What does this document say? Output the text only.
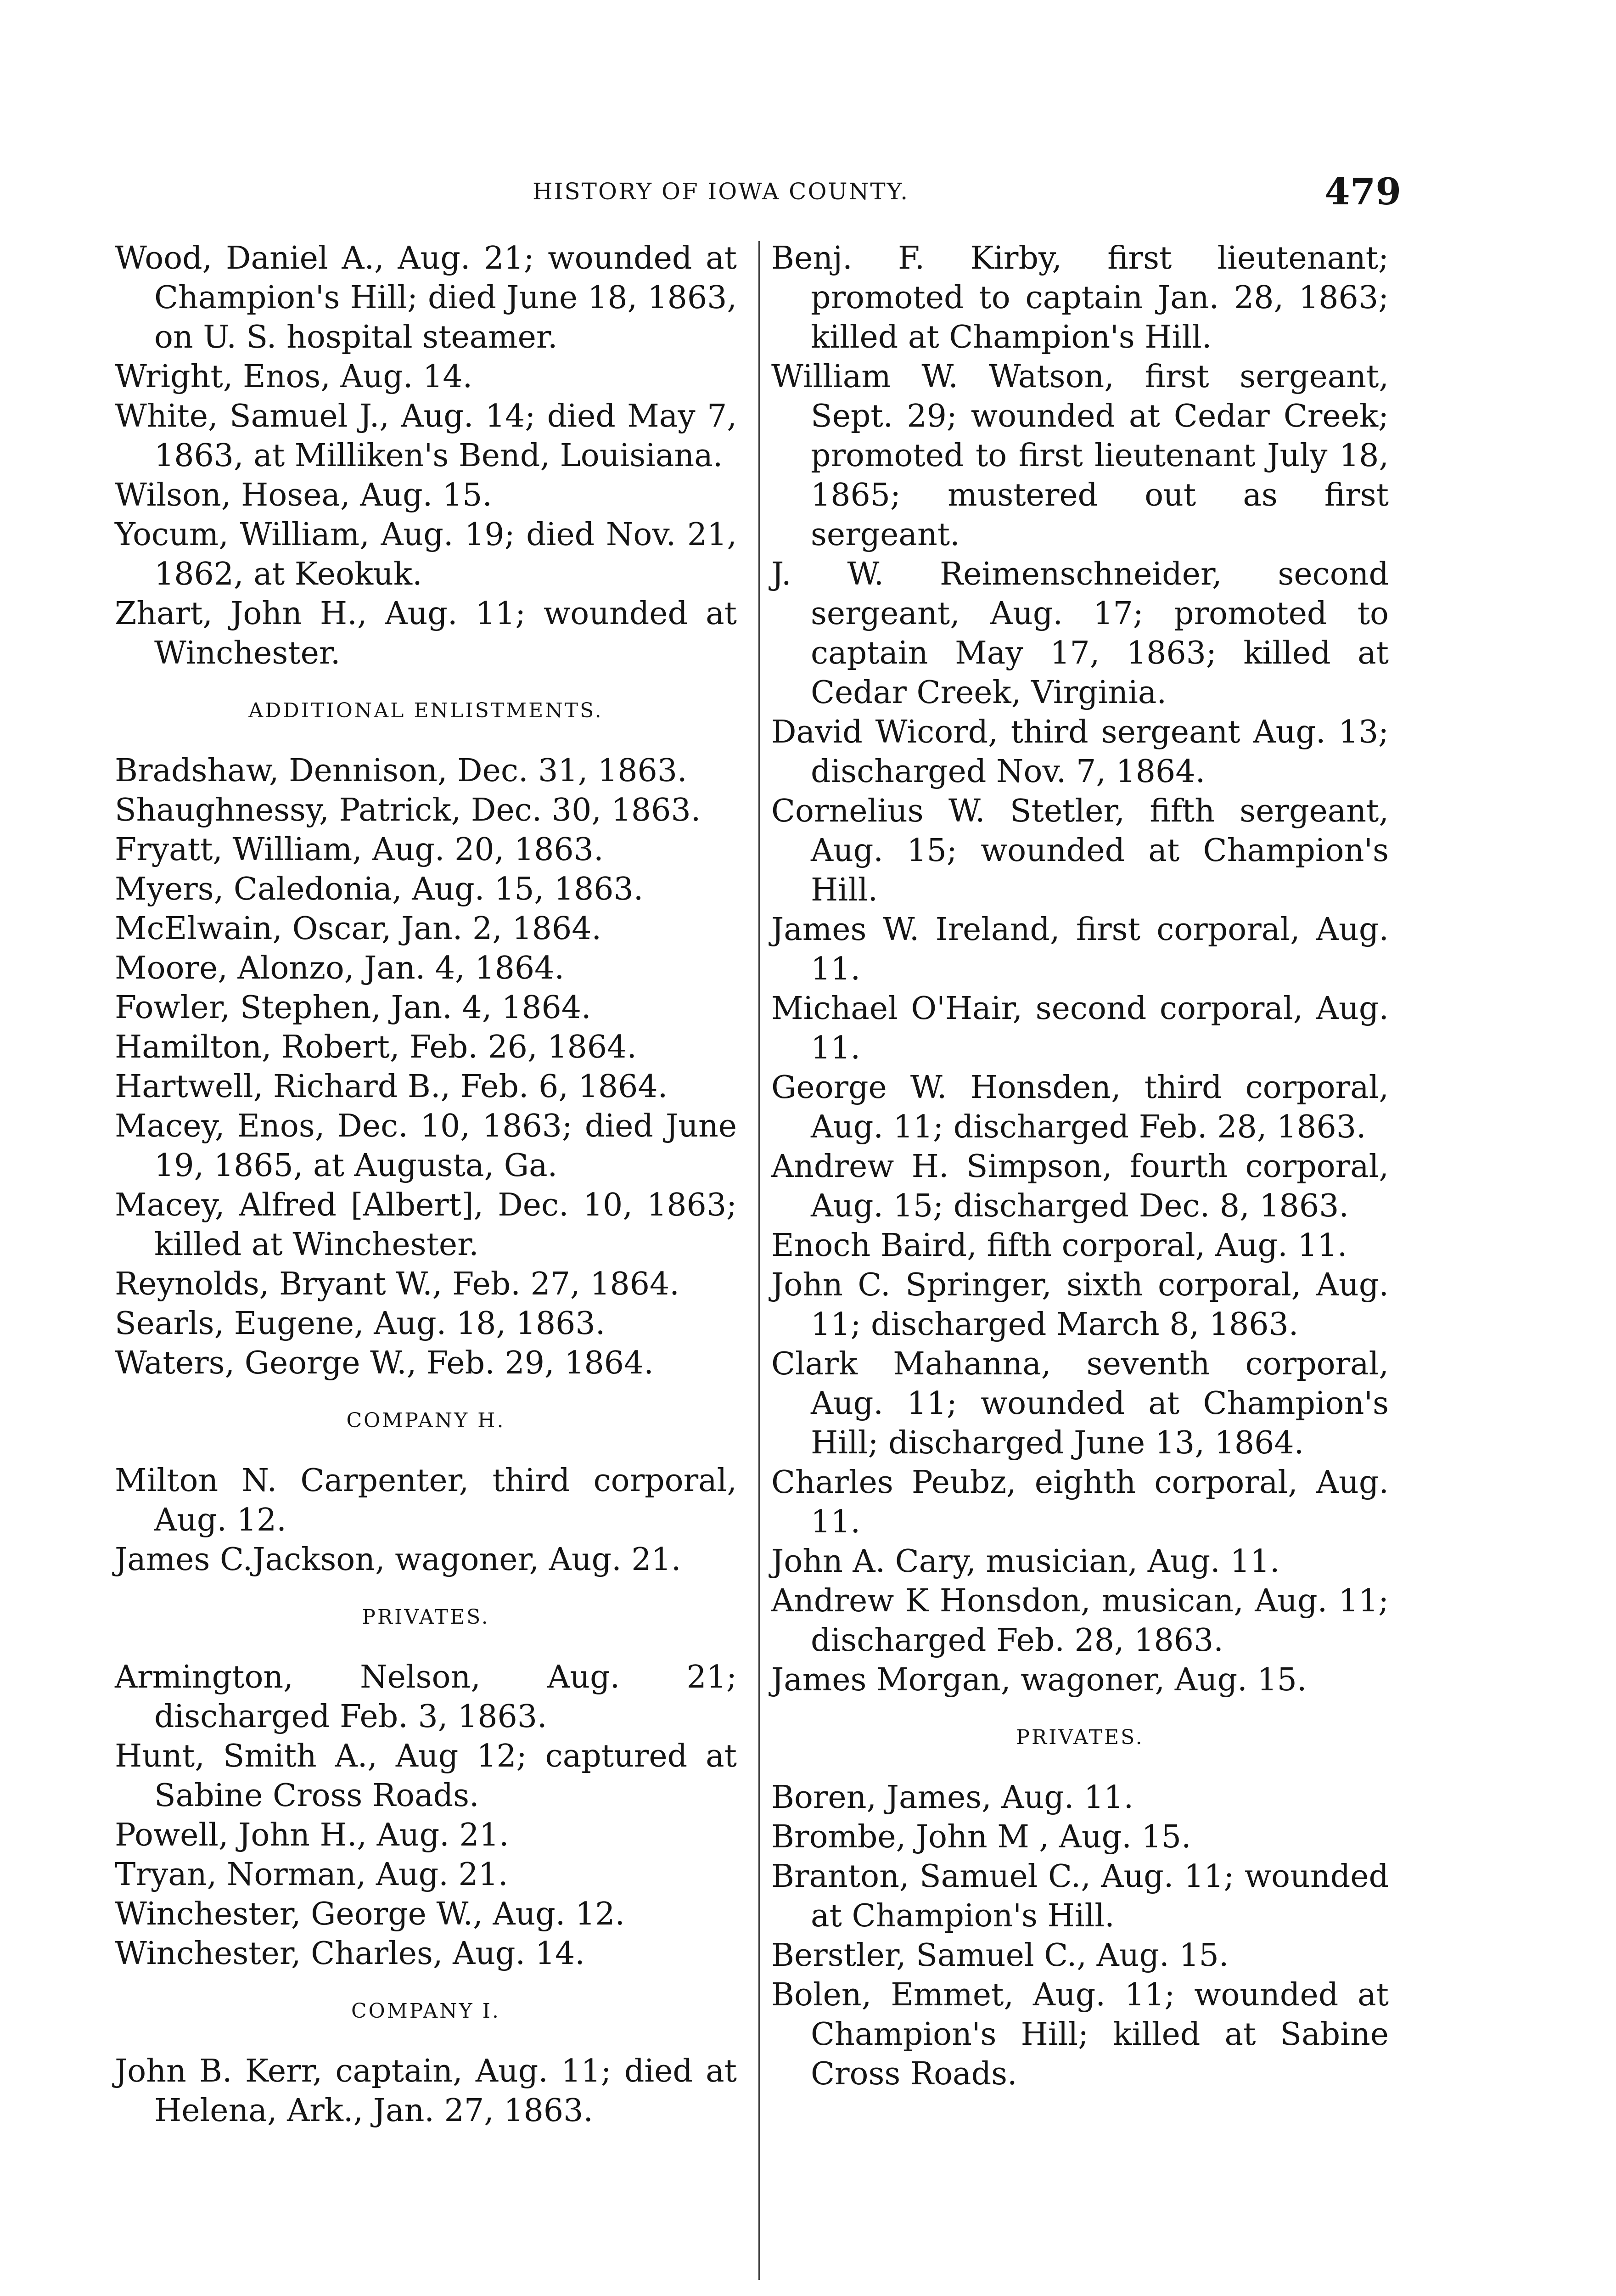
HISTORY OF IOWA COUNTY.	479

Wood, Daniel A., Aug. 21; wounded at Champion's Hill; died June 18, 1863, on U. S. hospital steamer.

Wright, Enos, Aug. 14.

White, Samuel J., Aug. 14; died May 7, 1863, at Milliken's Bend, Louisiana.

Wilson, Hosea, Aug. 15.

Yocum, William, Aug. 19; died Nov. 21, 1862, at Keokuk.

Zhart, John H., Aug. 11; wounded at Winchester.

ADDITIONAL ENLISTMENTS.

Bradshaw, Dennison, Dec. 31, 1863.

Shaughnessy, Patrick, Dec. 30, 1863.

Fryatt, William, Aug. 20, 1863.

Myers, Caledonia, Aug. 15, 1863.

McElwain, Oscar, Jan. 2, 1864.

Moore, Alonzo, Jan. 4, 1864.

Fowler, Stephen, Jan. 4, 1864.

Hamilton, Robert, Feb. 26, 1864.

Hartwell, Richard B., Feb. 6, 1864.

Macey, Enos, Dec. 10, 1863; died June 19, 1865, at Augusta, Ga.

Macey, Alfred [Albert], Dec. 10, 1863; killed at Winchester.

Reynolds, Bryant W., Feb. 27, 1864.

Searls, Eugene, Aug. 18, 1863.

Waters, George W., Feb. 29, 1864.

COMPANY H.

Milton N. Carpenter, third corporal, Aug. 12.

James C.Jackson, wagoner, Aug. 21.

PRIVATES.

Armington, Nelson, Aug. 21; discharged Feb. 3, 1863.

Hunt, Smith A., Aug 12; captured at Sabine Cross Roads.

Powell, John H., Aug. 21.

Tryan, Norman, Aug. 21.

Winchester, George W., Aug. 12.

Winchester, Charles, Aug. 14.

COMPANY I.

John B. Kerr, captain, Aug. 11; died at Helena, Ark., Jan. 27, 1863.

Benj. F. Kirby, first lieutenant; promoted to captain Jan. 28, 1863; killed at Champion's Hill.

William W. Watson, first sergeant, Sept. 29; wounded at Cedar Creek; promoted to first lieutenant July 18, 1865; mustered out as first sergeant.

J. W. Reimenschneider, second sergeant, Aug. 17; promoted to captain May 17, 1863; killed at Cedar Creek, Virginia.

David Wicord, third sergeant Aug. 13; discharged Nov. 7, 1864.

Cornelius W. Stetler, fifth sergeant, Aug. 15; wounded at Champion's Hill.

James W. Ireland, first corporal, Aug. 11.

Michael O'Hair, second corporal, Aug. 11.

George W. Honsden, third corporal, Aug. 11; discharged Feb. 28, 1863.

Andrew H. Simpson, fourth corporal, Aug. 15; discharged Dec. 8, 1863.

Enoch Baird, fifth corporal, Aug. 11.

John C. Springer, sixth corporal, Aug. 11; discharged March 8, 1863.

Clark Mahanna, seventh corporal, Aug. 11; wounded at Champion's Hill; discharged June 13, 1864.

Charles Peubz, eighth corporal, Aug. 11.

John A. Cary, musician, Aug. 11.

Andrew K Honsdon, musican, Aug. 11; discharged Feb. 28, 1863.

James Morgan, wagoner, Aug. 15.

PRIVATES.

Boren, James, Aug. 11.

Brombe, John M , Aug. 15.

Branton, Samuel C., Aug. 11; wounded at Champion's Hill.

Berstler, Samuel C., Aug. 15.

Bolen, Emmet, Aug. 11; wounded at Champion's Hill; killed at Sabine Cross Roads.
